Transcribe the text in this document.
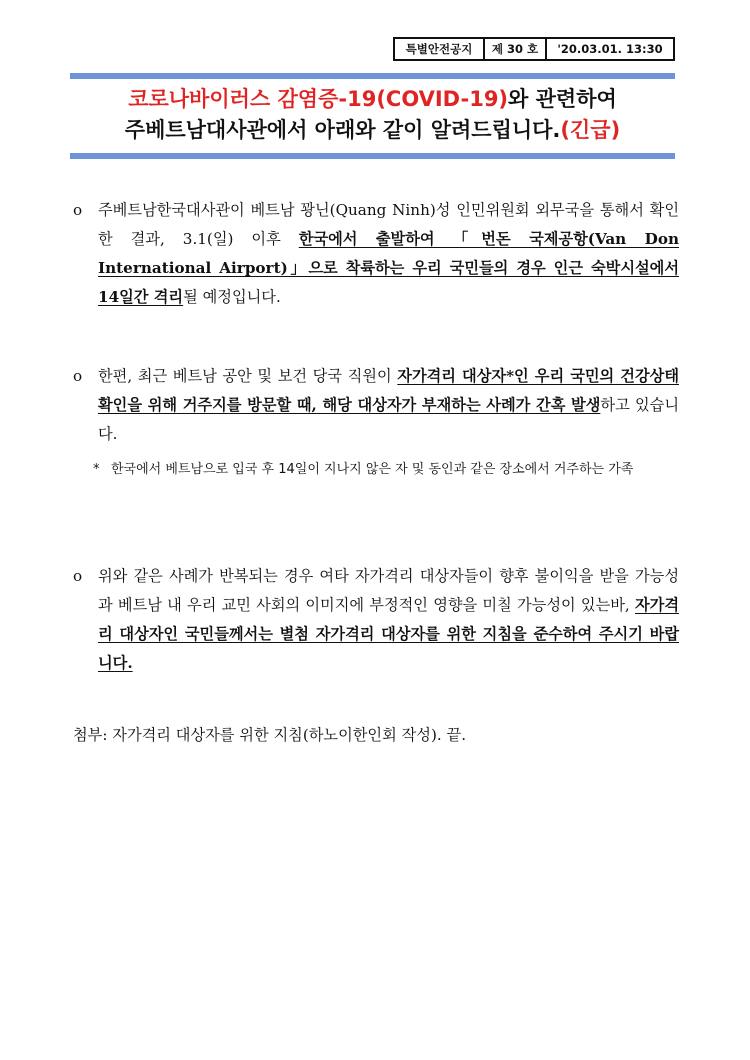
특별안전공지	제 30 호	'20.03.01. 13:30
코로나바이러스 감염증-19(COVID-19)와 관련하여
주베트남대사관에서 아래와 같이 알려드립니다.(긴급)
o 주베트남한국대사관이 베트남 꽝닌(Quang Ninh)성 인민위원회 외무국을 통해서 확인한 결과, 3.1(일) 이후 한국에서 출발하여 「번돈 국제공항(Van Don International Airport)」으로 착륙하는 우리 국민들의 경우 인근 숙박시설에서 14일간 격리될 예정입니다.
o 한편, 최근 베트남 공안 및 보건 당국 직원이 자가격리 대상자*인 우리 국민의 건강상태 확인을 위해 거주지를 방문할 때, 해당 대상자가 부재하는 사례가 간혹 발생하고 있습니다.
* 한국에서 베트남으로 입국 후 14일이 지나지 않은 자 및 동인과 같은 장소에서 거주하는 가족
o 위와 같은 사례가 반복되는 경우 여타 자가격리 대상자들이 향후 불이익을 받을 가능성과 베트남 내 우리 교민 사회의 이미지에 부정적인 영향을 미칠 가능성이 있는바, 자가격리 대상자인 국민들께서는 별첨 자가격리 대상자를 위한 지침을 준수하여 주시기 바랍니다.
첨부: 자가격리 대상자를 위한 지침(하노이한인회 작성). 끝.
